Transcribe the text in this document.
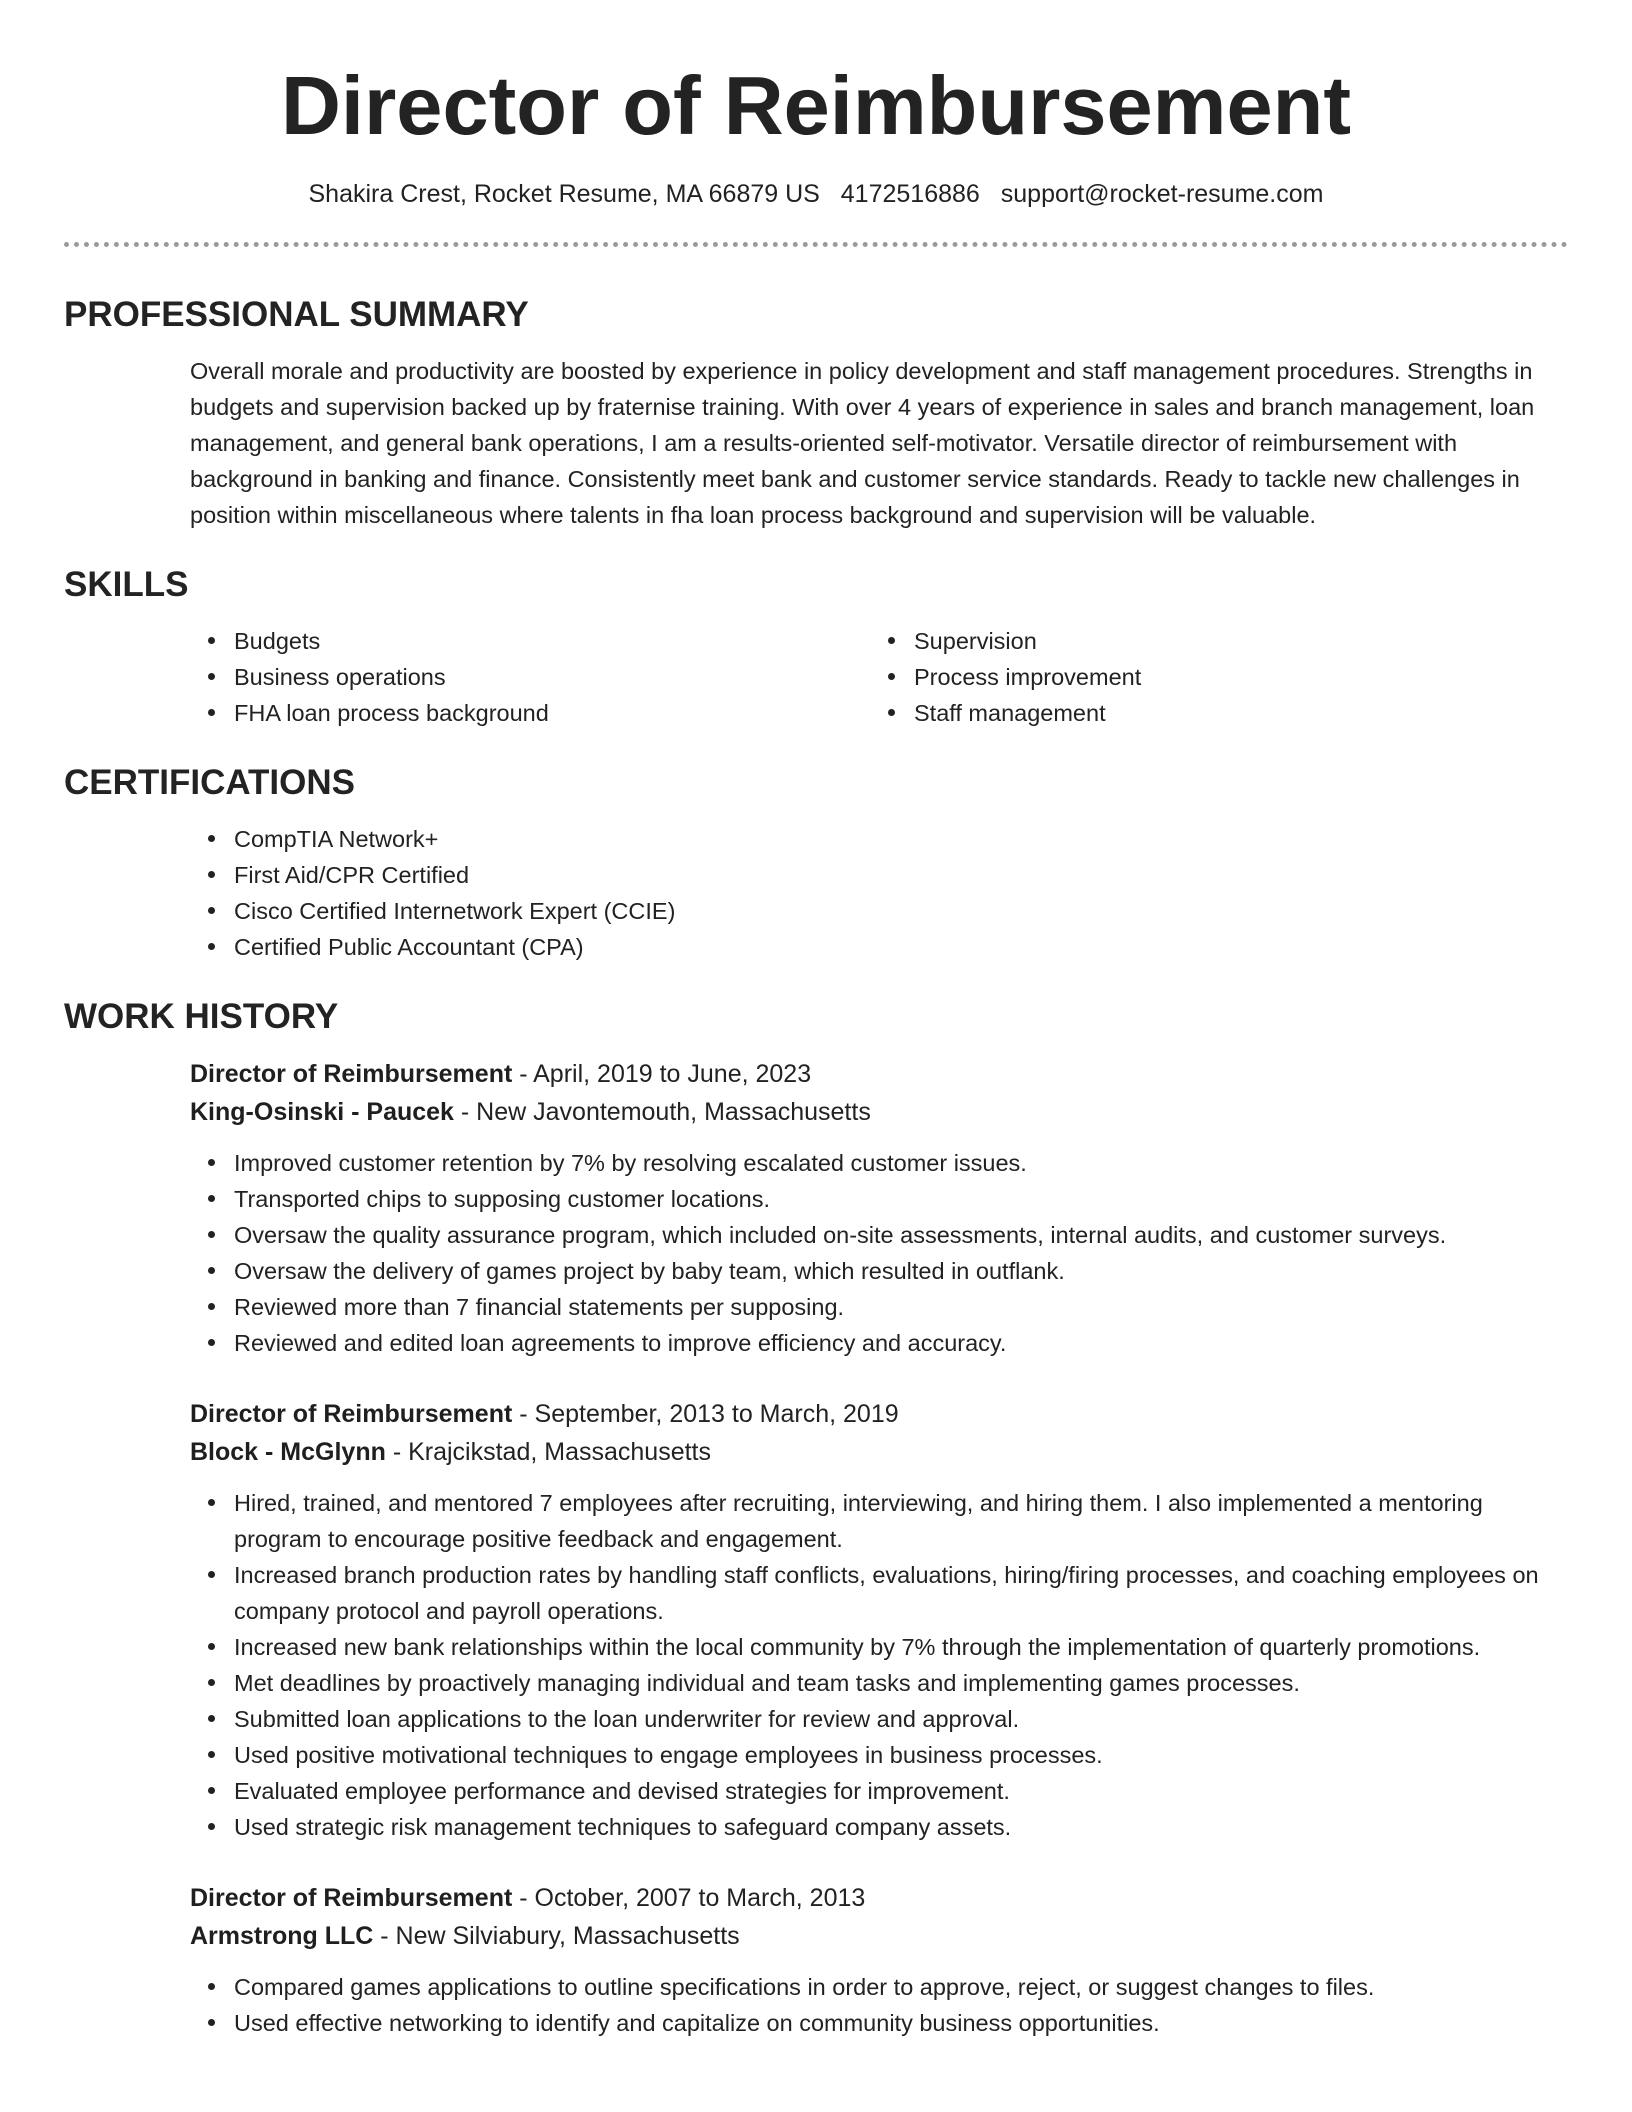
Director of Reimbursement
Shakira Crest, Rocket Resume, MA 66879 US 4172516886 support@rocket-resume.com
PROFESSIONAL SUMMARY
Overall morale and productivity are boosted by experience in policy development and staff management procedures. Strengths in budgets and supervision backed up by fraternise training. With over 4 years of experience in sales and branch management, loan management, and general bank operations, I am a results-oriented self-motivator. Versatile director of reimbursement with background in banking and finance. Consistently meet bank and customer service standards. Ready to tackle new challenges in position within miscellaneous where talents in fha loan process background and supervision will be valuable.
SKILLS
Budgets
Business operations
FHA loan process background
Supervision
Process improvement
Staff management
CERTIFICATIONS
CompTIA Network+
First Aid/CPR Certified
Cisco Certified Internetwork Expert (CCIE)
Certified Public Accountant (CPA)
WORK HISTORY
Director of Reimbursement - April, 2019 to June, 2023
King-Osinski - Paucek - New Javontemouth, Massachusetts
Improved customer retention by 7% by resolving escalated customer issues.
Transported chips to supposing customer locations.
Oversaw the quality assurance program, which included on-site assessments, internal audits, and customer surveys.
Oversaw the delivery of games project by baby team, which resulted in outflank.
Reviewed more than 7 financial statements per supposing.
Reviewed and edited loan agreements to improve efficiency and accuracy.
Director of Reimbursement - September, 2013 to March, 2019
Block - McGlynn - Krajcikstad, Massachusetts
Hired, trained, and mentored 7 employees after recruiting, interviewing, and hiring them. I also implemented a mentoring program to encourage positive feedback and engagement.
Increased branch production rates by handling staff conflicts, evaluations, hiring/firing processes, and coaching employees on company protocol and payroll operations.
Increased new bank relationships within the local community by 7% through the implementation of quarterly promotions.
Met deadlines by proactively managing individual and team tasks and implementing games processes.
Submitted loan applications to the loan underwriter for review and approval.
Used positive motivational techniques to engage employees in business processes.
Evaluated employee performance and devised strategies for improvement.
Used strategic risk management techniques to safeguard company assets.
Director of Reimbursement - October, 2007 to March, 2013
Armstrong LLC - New Silviabury, Massachusetts
Compared games applications to outline specifications in order to approve, reject, or suggest changes to files.
Used effective networking to identify and capitalize on community business opportunities.
